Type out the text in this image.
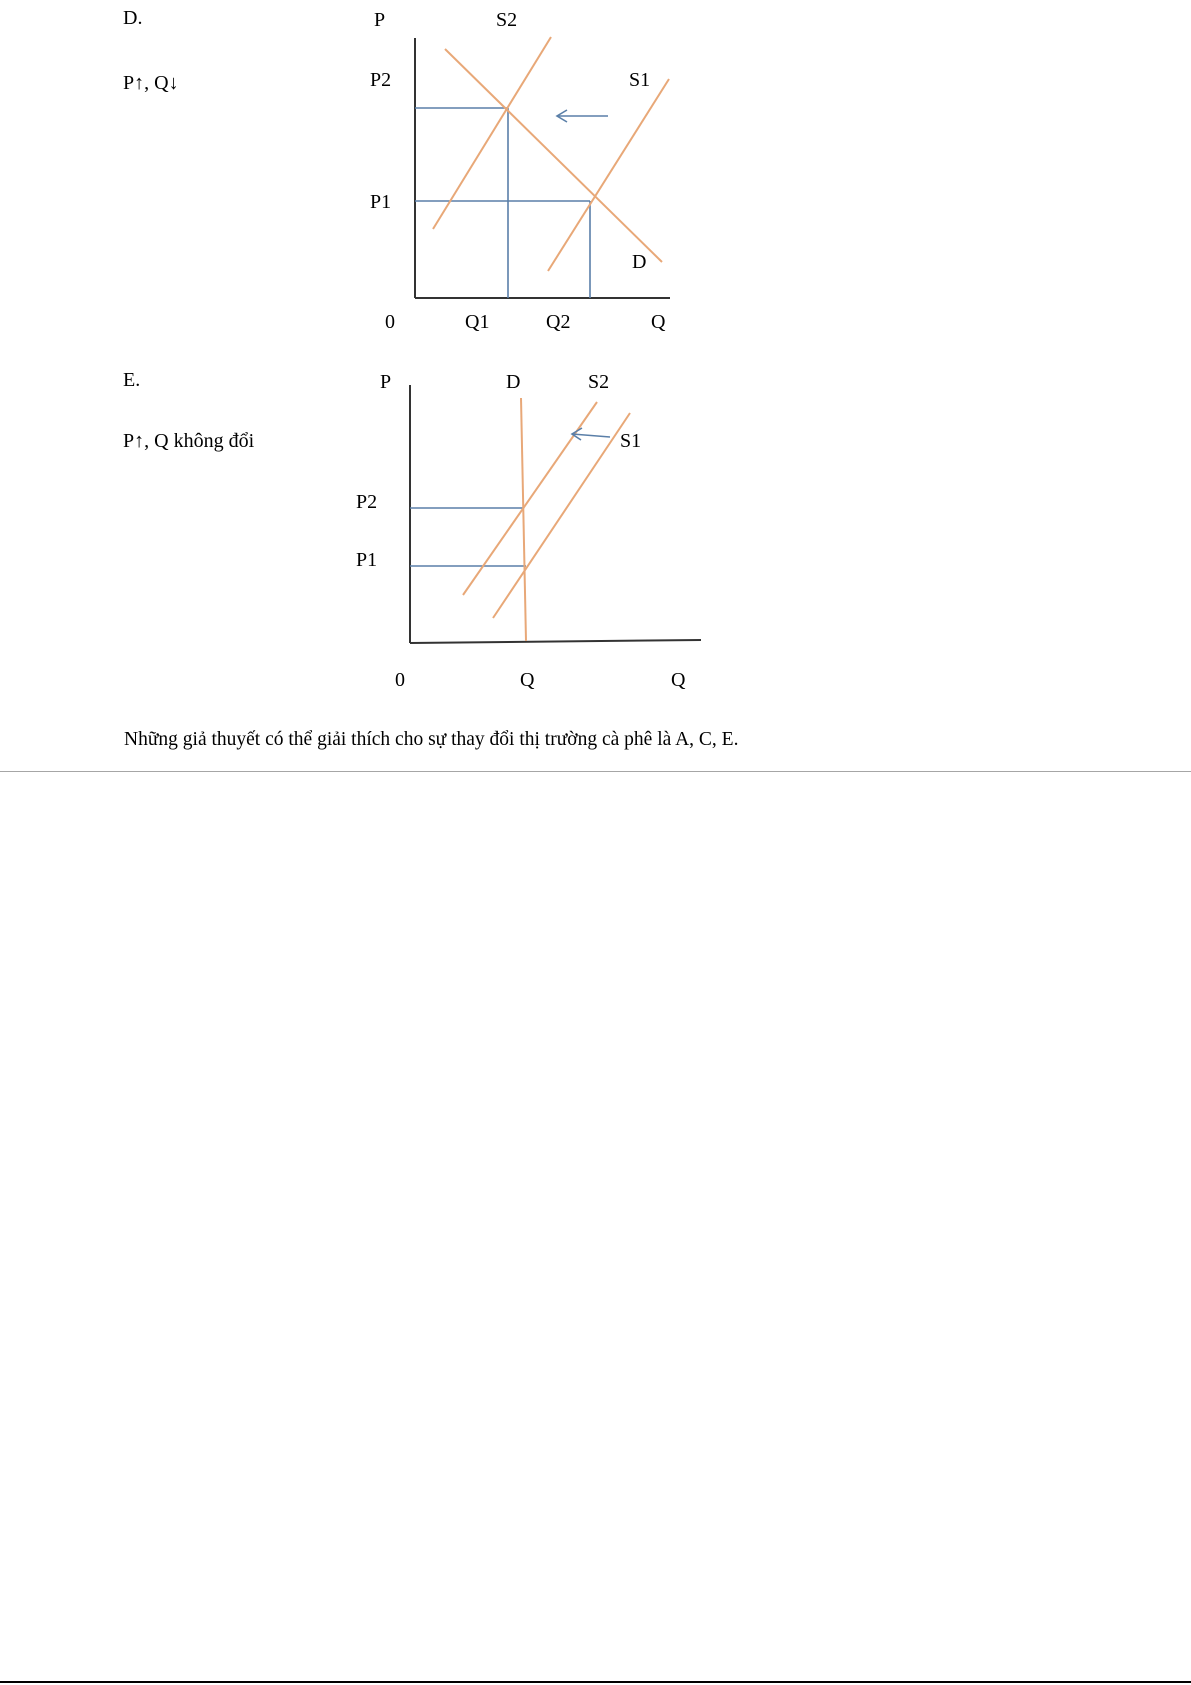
D.
P↑, Q↓
E.
P↑, Q không đổi
P	S2
P2	S1
P1
D
0	Q1	Q2	Q
P	D	S2
S1
P2
P1
0	Q	Q
Những giả thuyết có thể giải thích cho sự thay đổi thị trường cà phê là A, C, E.
